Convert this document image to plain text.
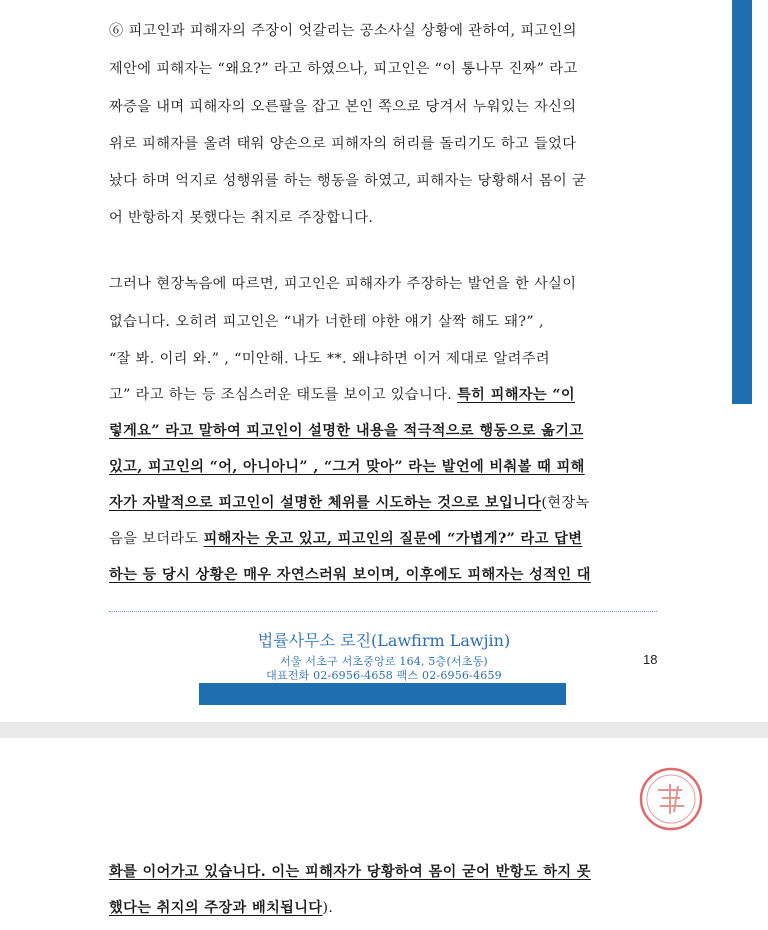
⑥ 피고인과 피해자의 주장이 엇갈리는 공소사실 상황에 관하여, 피고인의
제안에 피해자는 “왜요?” 라고 하였으나, 피고인은 “이 통나무 진짜” 라고
짜증을 내며 피해자의 오른팔을 잡고 본인 쪽으로 당겨서 누워있는 자신의
위로 피해자를 올려 태워 양손으로 피해자의 허리를 돌리기도 하고 들었다
놨다 하며 억지로 성행위를 하는 행동을 하였고, 피해자는 당황해서 몸이 굳
어 반항하지 못했다는 취지로 주장합니다.
그러나 현장녹음에 따르면, 피고인은 피해자가 주장하는 발언을 한 사실이
없습니다. 오히려 피고인은 “내가 너한테 야한 얘기 살짝 해도 돼?” ,
“잘 봐. 이리 와.” , “미안해. 나도 **. 왜냐하면 이거 제대로 알려주려
고” 라고 하는 등 조심스러운 태도를 보이고 있습니다. 특히 피해자는 “이
렇게요” 라고 말하여 피고인이 설명한 내용을 적극적으로 행동으로 옮기고
있고, 피고인의 “어, 아니아니” , “그거 맞아” 라는 발언에 비춰볼 때 피해
자가 자발적으로 피고인이 설명한 체위를 시도하는 것으로 보입니다(현장녹
음을 보더라도 피해자는 웃고 있고, 피고인의 질문에 “가볍게?” 라고 답변
하는 등 당시 상황은 매우 자연스러워 보이며, 이후에도 피해자는 성적인 대
법률사무소 로진(Lawfirm Lawjin)
서울 서초구 서초중앙로 164, 5층(서초동)
대표전화 02-6956-4658 팩스 02-6956-4659
18
화를 이어가고 있습니다. 이는 피해자가 당황하여 몸이 굳어 반항도 하지 못
했다는 취지의 주장과 배치됩니다).
